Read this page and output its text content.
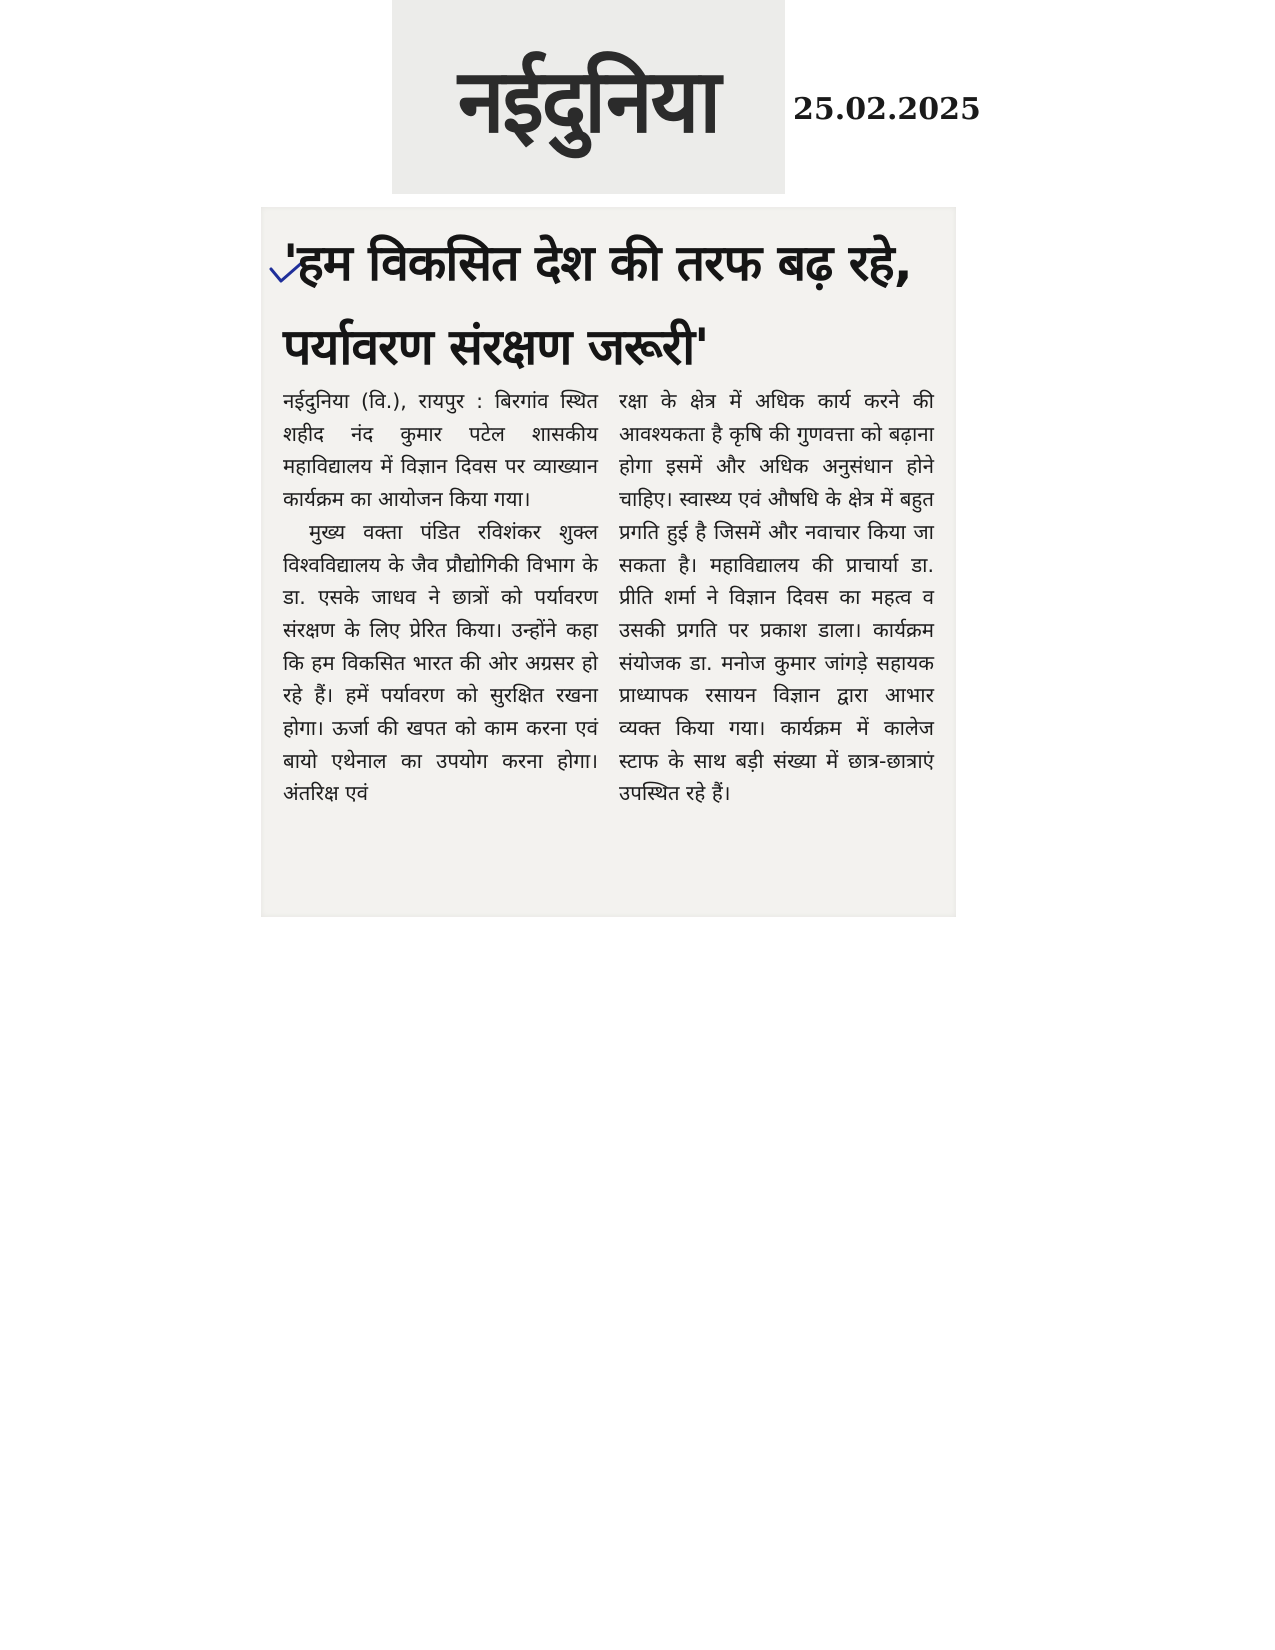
नईदुनिया 25.02.2025
'हम विकसित देश की तरफ बढ़ रहे, पर्यावरण संरक्षण जरूरी'

नईदुनिया (वि.), रायपुर : बिरगांव स्थित शहीद नंद कुमार पटेल शासकीय महाविद्यालय में विज्ञान दिवस पर व्याख्यान कार्यक्रम का आयोजन किया गया।

मुख्य वक्ता पंडित रविशंकर शुक्ल विश्वविद्यालय के जैव प्रौद्योगिकी विभाग के डा. एसके जाधव ने छात्रों को पर्यावरण संरक्षण के लिए प्रेरित किया। उन्होंने कहा कि हम विकसित भारत की ओर अग्रसर हो रहे हैं। हमें पर्यावरण को सुरक्षित रखना होगा। ऊर्जा की खपत को काम करना एवं बायो एथेनाल का उपयोग करना होगा। अंतरिक्ष एवं

रक्षा के क्षेत्र में अधिक कार्य करने की आवश्यकता है कृषि की गुणवत्ता को बढ़ाना होगा इसमें और अधिक अनुसंधान होने चाहिए। स्वास्थ्य एवं औषधि के क्षेत्र में बहुत प्रगति हुई है जिसमें और नवाचार किया जा सकता है। महाविद्यालय की प्राचार्या डा. प्रीति शर्मा ने विज्ञान दिवस का महत्व व उसकी प्रगति पर प्रकाश डाला। कार्यक्रम संयोजक डा. मनोज कुमार जांगड़े सहायक प्राध्यापक रसायन विज्ञान द्वारा आभार व्यक्त किया गया। कार्यक्रम में कालेज स्टाफ के साथ बड़ी संख्या में छात्र-छात्राएं उपस्थित रहे हैं।
